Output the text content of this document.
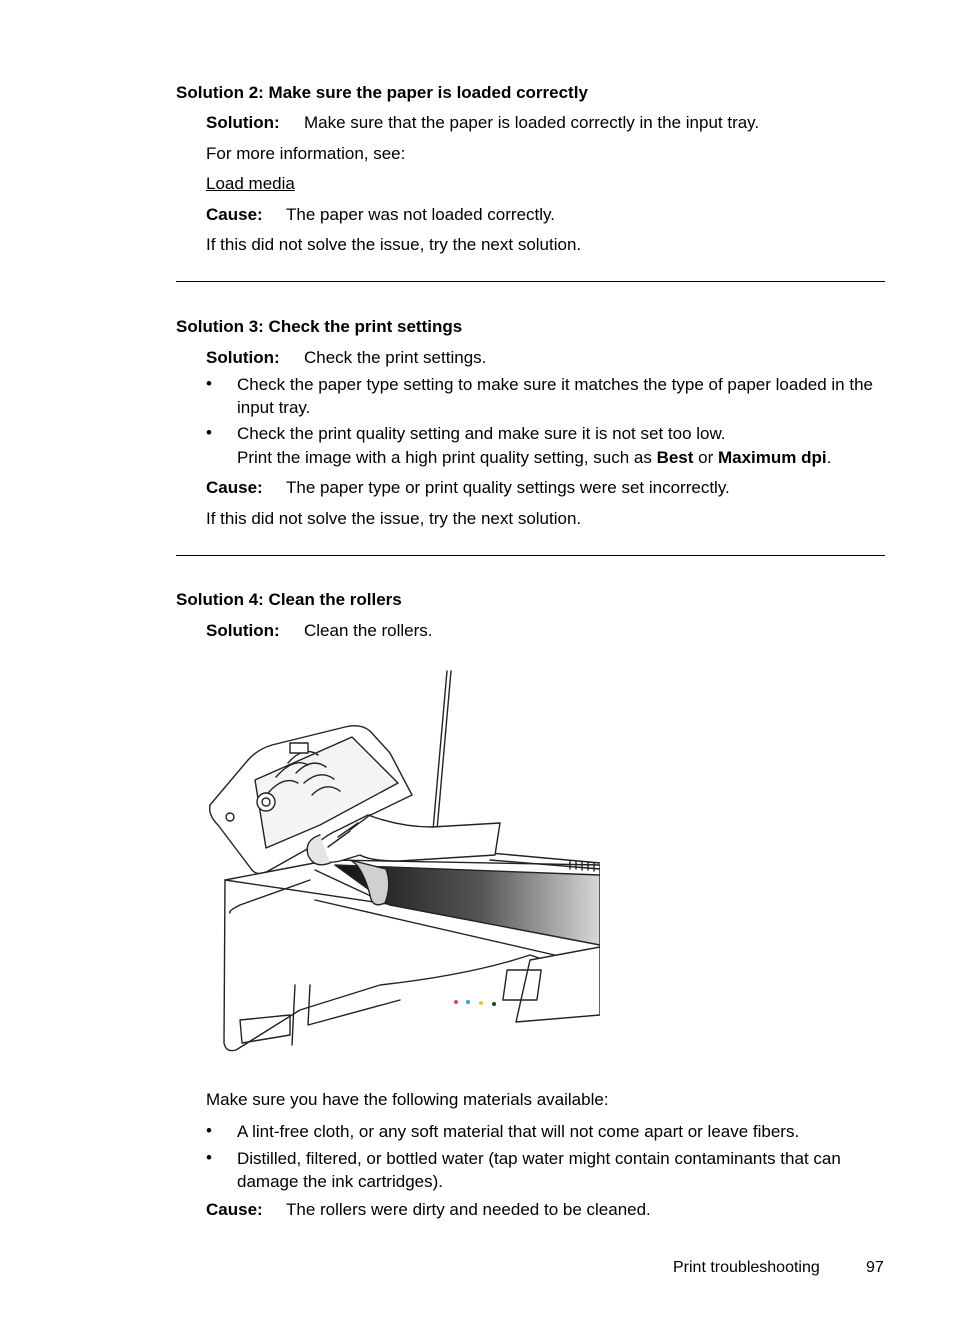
Solution 2: Make sure the paper is loaded correctly
Solution: Make sure that the paper is loaded correctly in the input tray.
For more information, see:
Load media
Cause: The paper was not loaded correctly.
If this did not solve the issue, try the next solution.
Solution 3: Check the print settings
Solution: Check the print settings.
• Check the paper type setting to make sure it matches the type of paper loaded in the input tray.
• Check the print quality setting and make sure it is not set too low.
Print the image with a high print quality setting, such as Best or Maximum dpi.
Cause: The paper type or print quality settings were set incorrectly.
If this did not solve the issue, try the next solution.
Solution 4: Clean the rollers
Solution: Clean the rollers.
Make sure you have the following materials available:
• A lint-free cloth, or any soft material that will not come apart or leave fibers.
• Distilled, filtered, or bottled water (tap water might contain contaminants that can damage the ink cartridges).
Cause: The rollers were dirty and needed to be cleaned.
Print troubleshooting	97
